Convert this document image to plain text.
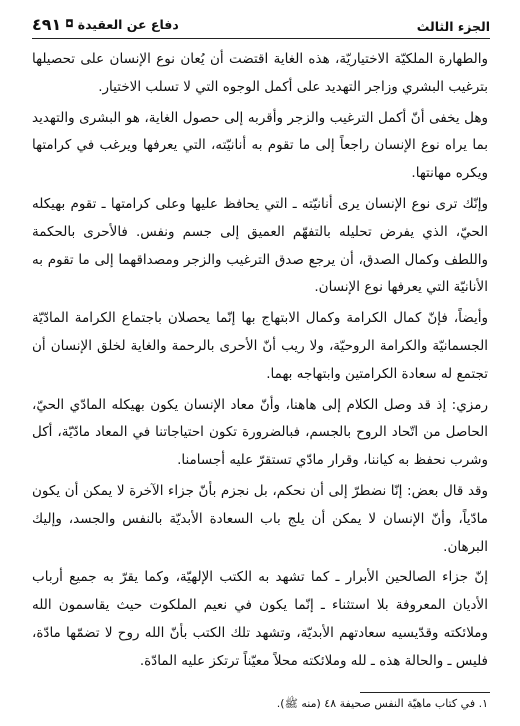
الجزء الثالث
دفاع عن العقيدة
◘
٤٩١

والطهارة الملكيّة الاختياريّة، هذه الغاية اقتضت أن يُعان نوع الإنسان على تحصيلها بترغيب البشري وزاجر التهديد على أكمل الوجوه التي لا تسلب الاختيار.

وهل يخفى أنّ أكمل الترغيب والزجر وأقربه إلى حصول الغاية، هو البشرى والتهديد بما يراه نوع الإنسان راجعاً إلى ما تقوم به أنانيّته، التي يعرفها ويرغب في كرامتها ويكره مهانتها.

وإنّك ترى نوع الإنسان يرى أنانيّته ـ التي يحافظ عليها وعلى كرامتها ـ تقوم بهيكله الحيّ، الذي يفرض تحليله بالتفهّم العميق إلى جسم ونفس. فالأحرى بالحكمة واللطف وكمال الصدق، أن يرجع صدق الترغيب والزجر ومصداقهما إلى ما تقوم به الأنانيّة التي يعرفها نوع الإنسان.

وأيضاً، فإنّ كمال الكرامة وكمال الابتهاج بها إنّما يحصلان باجتماع الكرامة المادّيّة الجسمانيّة والكرامة الروحيّة، ولا ريب أنّ الأحرى بالرحمة والغاية لخلق الإنسان أن تجتمع له سعادة الكرامتين وابتهاجه بهما.

رمزي: إذ قد وصل الكلام إلى هاهنا، وأنّ معاد الإنسان يكون بهيكله المادّي الحيّ، الحاصل من اتّحاد الروح بالجسم، فبالضرورة تكون احتياجاتنا في المعاد مادّيّة، أكل وشرب نحفظ به كياننا، وقرار مادّي تستقرّ عليه أجسامنا.

وقد قال بعض: إنّا نضطرّ إلى أن نحكم، بل نجزم بأنّ جزاء الآخرة لا يمكن أن يكون مادّياً، وأنّ الإنسان لا يمكن أن يلج باب السعادة الأبديّة بالنفس والجسد، وإليك البرهان.

إنّ جزاء الصالحين الأبرار ـ كما تشهد به الكتب الإلهيّة، وكما يقرّ به جميع أرباب الأديان المعروفة بلا استثناء ـ إنّما يكون في نعيم الملكوت حيث يقاسمون الله وملائكته وقدّيسيه سعادتهم الأبديّة، وتشهد تلك الكتب بأنّ الله روح لا تضمّها مادّة، فليس ـ والحالة هذه ـ لله وملائكته محلاً معيّناً ترتكز عليه المادّة.

١. في كتاب ماهيّة النفس صحيفة ٤٨ (منه ﷺ).
